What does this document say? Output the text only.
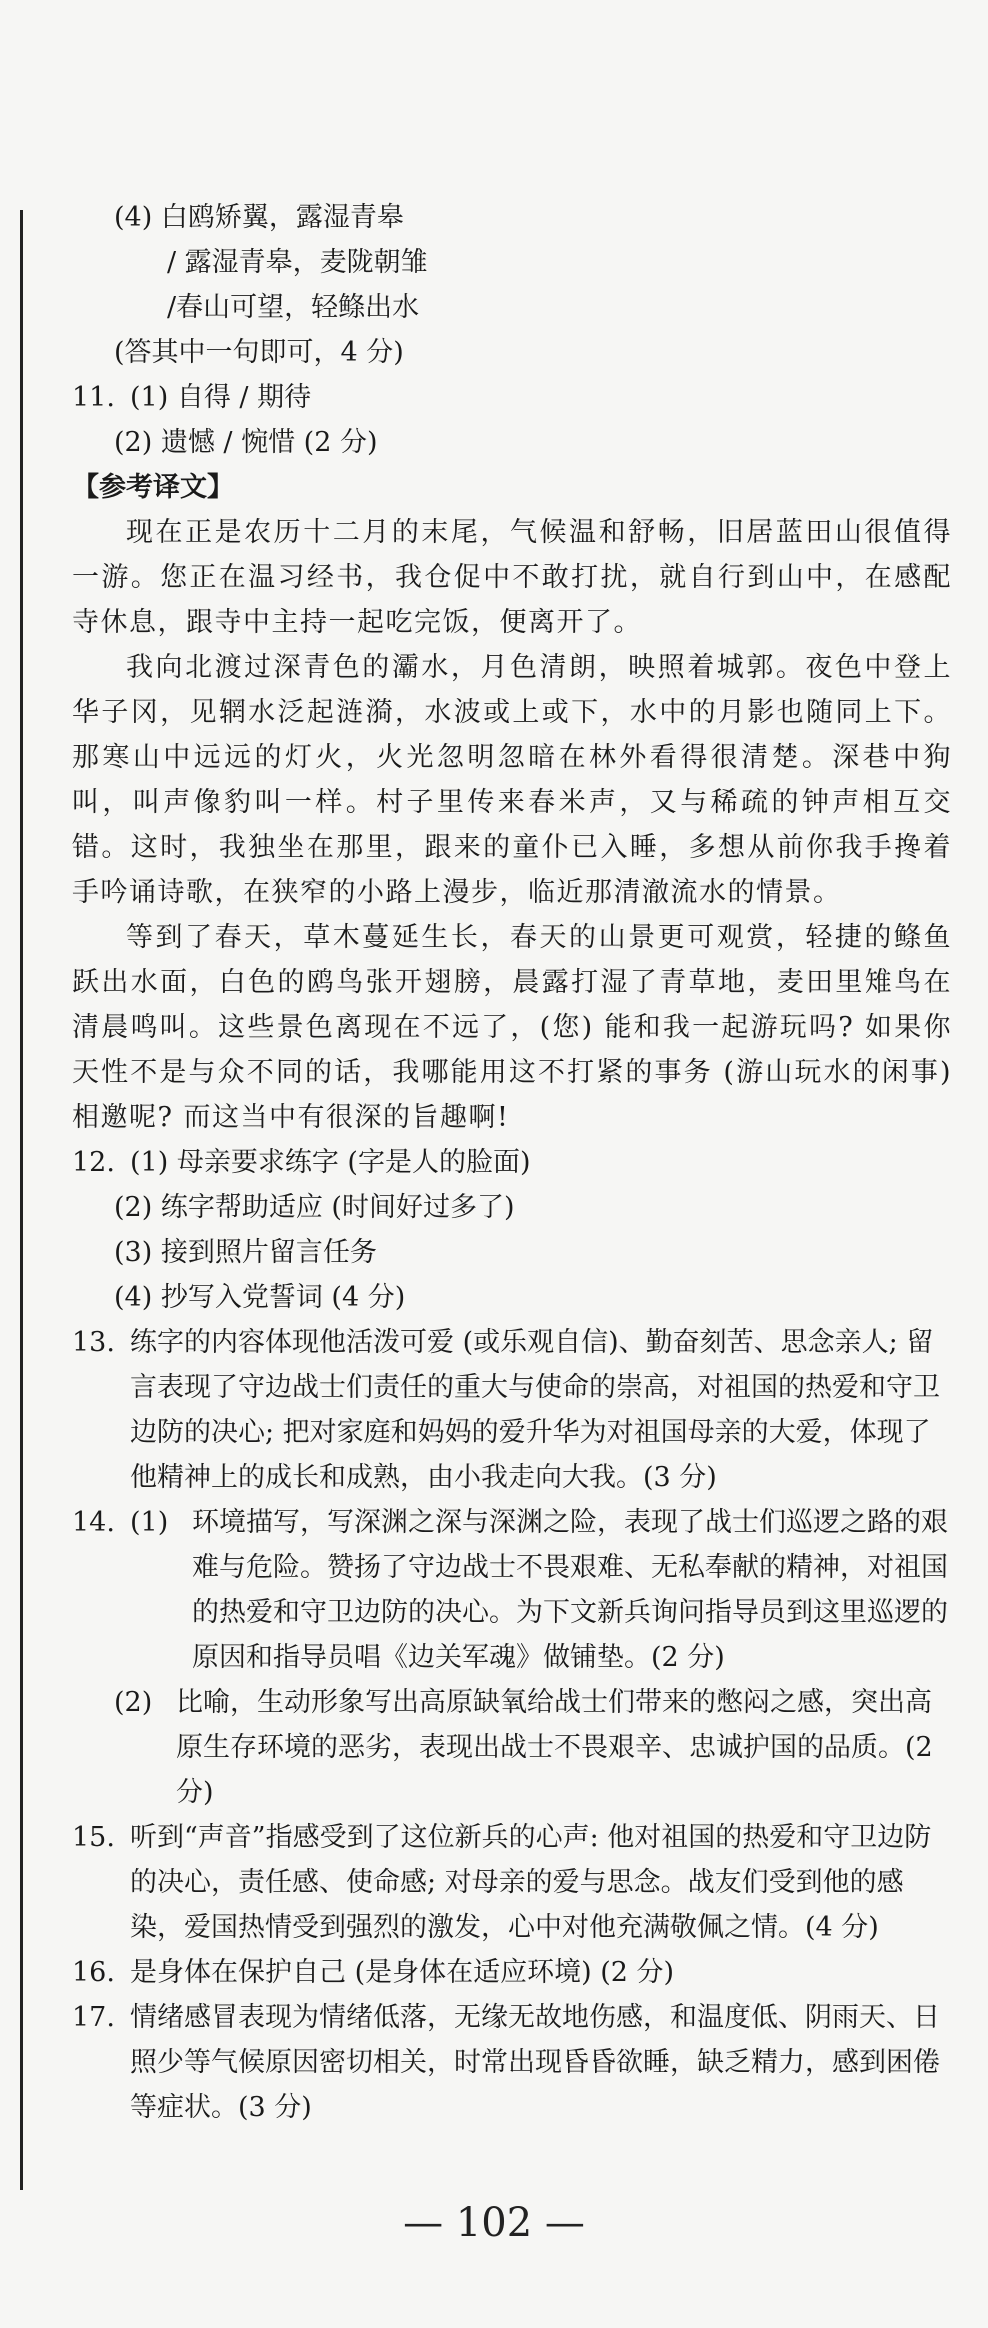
(4) 白鸥矫翼，露湿青皋
/ 露湿青皋，麦陇朝雏
/春山可望，轻鲦出水
(答其中一句即可，4 分)
11. (1) 自得 / 期待
(2) 遗憾 / 惋惜 (2 分)
【参考译文】
现在正是农历十二月的末尾，气候温和舒畅，旧居蓝田山很值得一游。您正在温习经书，我仓促中不敢打扰，就自行到山中，在感配寺休息，跟寺中主持一起吃完饭，便离开了。
我向北渡过深青色的灞水，月色清朗，映照着城郭。夜色中登上华子冈，见辋水泛起涟漪，水波或上或下，水中的月影也随同上下。那寒山中远远的灯火，火光忽明忽暗在林外看得很清楚。深巷中狗叫，叫声像豹叫一样。村子里传来春米声，又与稀疏的钟声相互交错。这时，我独坐在那里，跟来的童仆已入睡，多想从前你我手搀着手吟诵诗歌，在狭窄的小路上漫步，临近那清澈流水的情景。
等到了春天，草木蔓延生长，春天的山景更可观赏，轻捷的鲦鱼跃出水面，白色的鸥鸟张开翅膀，晨露打湿了青草地，麦田里雉鸟在清晨鸣叫。这些景色离现在不远了，(您) 能和我一起游玩吗? 如果你天性不是与众不同的话，我哪能用这不打紧的事务 (游山玩水的闲事) 相邀呢? 而这当中有很深的旨趣啊!
12. (1) 母亲要求练字 (字是人的脸面)
(2) 练字帮助适应 (时间好过多了)
(3) 接到照片留言任务
(4) 抄写入党誓词 (4 分)
13. 练字的内容体现他活泼可爱 (或乐观自信)、勤奋刻苦、思念亲人; 留言表现了守边战士们责任的重大与使命的崇高，对祖国的热爱和守卫边防的决心; 把对家庭和妈妈的爱升华为对祖国母亲的大爱，体现了他精神上的成长和成熟，由小我走向大我。(3 分)
14. (1) 环境描写，写深渊之深与深渊之险，表现了战士们巡逻之路的艰难与危险。赞扬了守边战士不畏艰难、无私奉献的精神，对祖国的热爱和守卫边防的决心。为下文新兵询问指导员到这里巡逻的原因和指导员唱《边关军魂》做铺垫。(2 分)
(2) 比喻，生动形象写出高原缺氧给战士们带来的憋闷之感，突出高原生存环境的恶劣，表现出战士不畏艰辛、忠诚护国的品质。(2 分)
15. 听到“声音”指感受到了这位新兵的心声: 他对祖国的热爱和守卫边防的决心，责任感、使命感; 对母亲的爱与思念。战友们受到他的感染，爱国热情受到强烈的激发，心中对他充满敬佩之情。(4 分)
16. 是身体在保护自己 (是身体在适应环境) (2 分)
17. 情绪感冒表现为情绪低落，无缘无故地伤感，和温度低、阴雨天、日照少等气候原因密切相关，时常出现昏昏欲睡，缺乏精力，感到困倦等症状。(3 分)
— 102 —
